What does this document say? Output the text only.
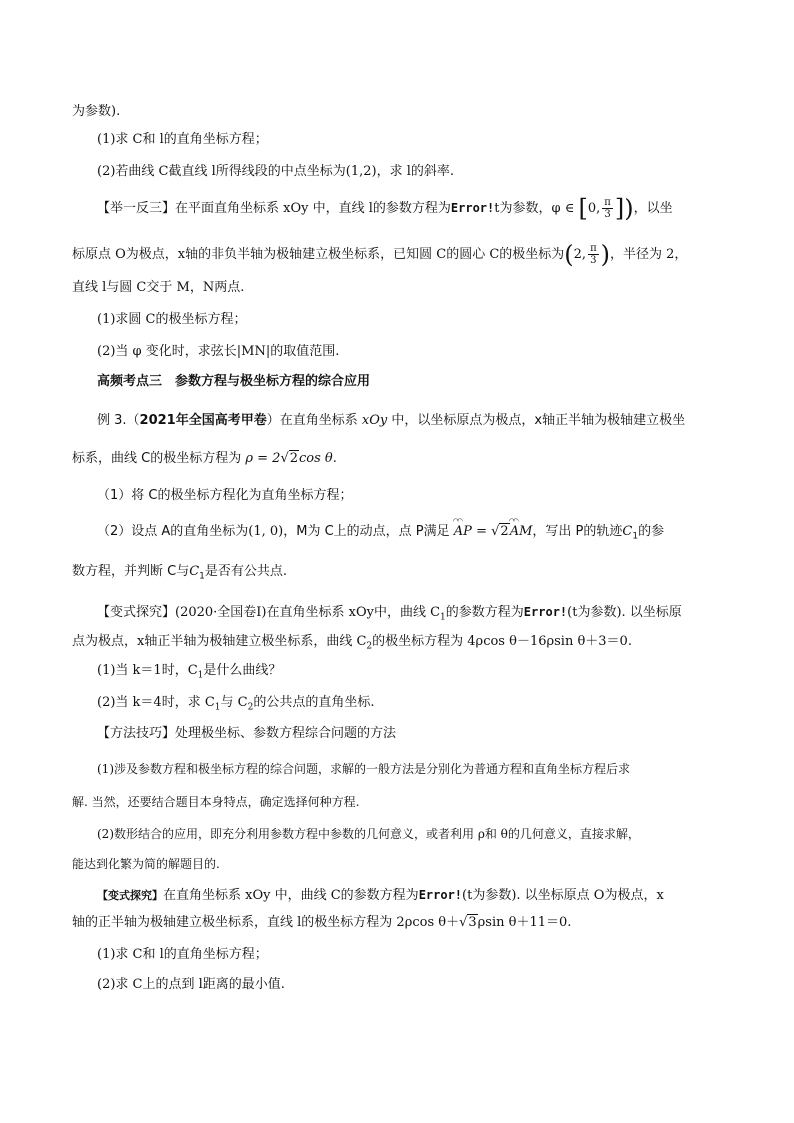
为参数).
(1)求 C和 l的直角坐标方程；
(2)若曲线 C截直线 l所得线段的中点坐标为(1,2)，求 l的斜率.
【举一反三】在平面直角坐标系 xOy 中，直线 l的参数方程为Error!t为参数，φ ∈ [0, $\frac{\pi}{3}$ ])，以坐
标原点 O为极点，x轴的非负半轴为极轴建立极坐标系，已知圆 C的圆心 C的极坐标为(2, $\frac{\pi}{3}$ )，半径为 2，
直线 l与圆 C交于 M，N两点.
(1)求圆 C的极坐标方程；
(2)当 φ 变化时，求弦长|MN|的取值范围.
高频考点三　参数方程与极坐标方程的综合应用
例 3.（2021年全国高考甲卷）在直角坐标系 xOy 中，以坐标原点为极点，x轴正半轴为极轴建立极坐
标系，曲线 C的极坐标方程为 ρ = 2√2cos θ.
（1）将 C的极坐标方程化为直角坐标方程；
（2）设点 A的直角坐标为(1, 0)，M为 C上的动点，点 P满足 ◠◠ AP = √2◠◠ AM，写出 P的轨迹$C_1$的参
数方程，并判断 C与$C_1$是否有公共点.
【变式探究】(2020·全国卷Ⅰ)在直角坐标系 xOy中，曲线 $C_1$的参数方程为Error!(t为参数). 以坐标原
点为极点，x轴正半轴为极轴建立极坐标系，曲线 $C_2$的极坐标方程为 4ρcos θ－16ρsin θ＋3＝0.
(1)当 k＝1时，$C_1$是什么曲线？
(2)当 k＝4时，求 $C_1$与 $C_2$的公共点的直角坐标.
【方法技巧】处理极坐标、参数方程综合问题的方法
(1)涉及参数方程和极坐标方程的综合问题，求解的一般方法是分别化为普通方程和直角坐标方程后求
解. 当然，还要结合题目本身特点，确定选择何种方程.
(2)数形结合的应用，即充分利用参数方程中参数的几何意义，或者利用 ρ和 θ的几何意义，直接求解，
能达到化繁为简的解题目的.
【变式探究】在直角坐标系 xOy 中，曲线 C的参数方程为Error!(t为参数). 以坐标原点 O为极点，x
轴的正半轴为极轴建立极坐标系，直线 l的极坐标方程为 2ρcos θ＋√3ρsin θ＋11＝0.
(1)求 C和 l的直角坐标方程；
(2)求 C上的点到 l距离的最小值.
